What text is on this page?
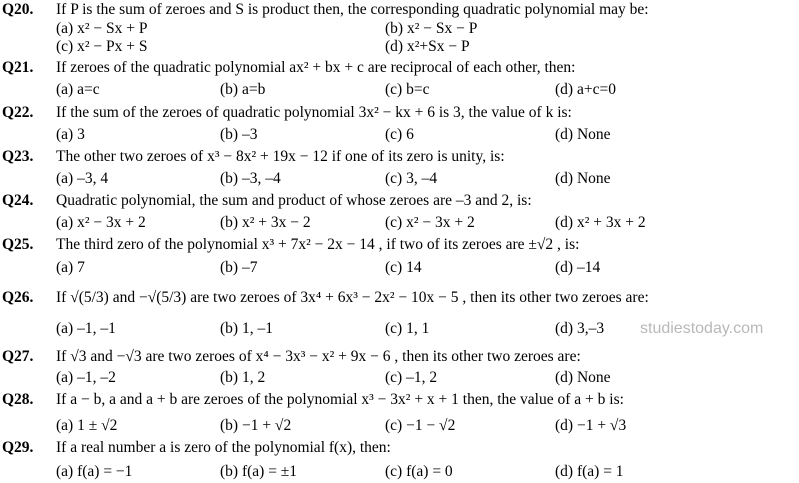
studiestoday.com
Q20. If P is the sum of zeroes and S is product then, the corresponding quadratic polynomial may be:
(a) x² − Sx + P	(b) x² − Sx − P
(c) x² − Px + S	(d) x²+Sx − P
Q21. If zeroes of the quadratic polynomial ax² + bx + c are reciprocal of each other, then:
(a) a=c	(b) a=b	(c) b=c	(d) a+c=0
Q22. If the sum of the zeroes of quadratic polynomial 3x² − kx + 6 is 3, the value of k is:
(a) 3	(b) –3	(c) 6	(d) None
Q23. The other two zeroes of x³ − 8x² + 19x − 12 if one of its zero is unity, is:
(a) –3, 4	(b) –3, –4	(c) 3, –4	(d) None
Q24. Quadratic polynomial, the sum and product of whose zeroes are –3 and 2, is:
(a) x² − 3x + 2	(b) x² + 3x − 2	(c) x² − 3x + 2	(d) x² + 3x + 2
Q25. The third zero of the polynomial x³ + 7x² − 2x − 14 , if two of its zeroes are ±√2 , is:
(a) 7	(b) –7	(c) 14	(d) –14
Q26. If √(5/3) and −√(5/3) are two zeroes of 3x⁴ + 6x³ − 2x² − 10x − 5 , then its other two zeroes are:
(a) –1, –1	(b) 1, –1	(c) 1, 1	(d) 3,–3
Q27. If √3 and −√3 are two zeroes of x⁴ − 3x³ − x² + 9x − 6 , then its other two zeroes are:
(a) –1, –2	(b) 1, 2	(c) –1, 2	(d) None
Q28. If a − b, a and a + b are zeroes of the polynomial x³ − 3x² + x + 1 then, the value of a + b is:
(a) 1 ± √2	(b) −1 + √2	(c) −1 − √2	(d) −1 + √3
Q29. If a real number a is zero of the polynomial f(x), then:
(a) f(a) = −1	(b) f(a) = ±1	(c) f(a) = 0	(d) f(a) = 1
